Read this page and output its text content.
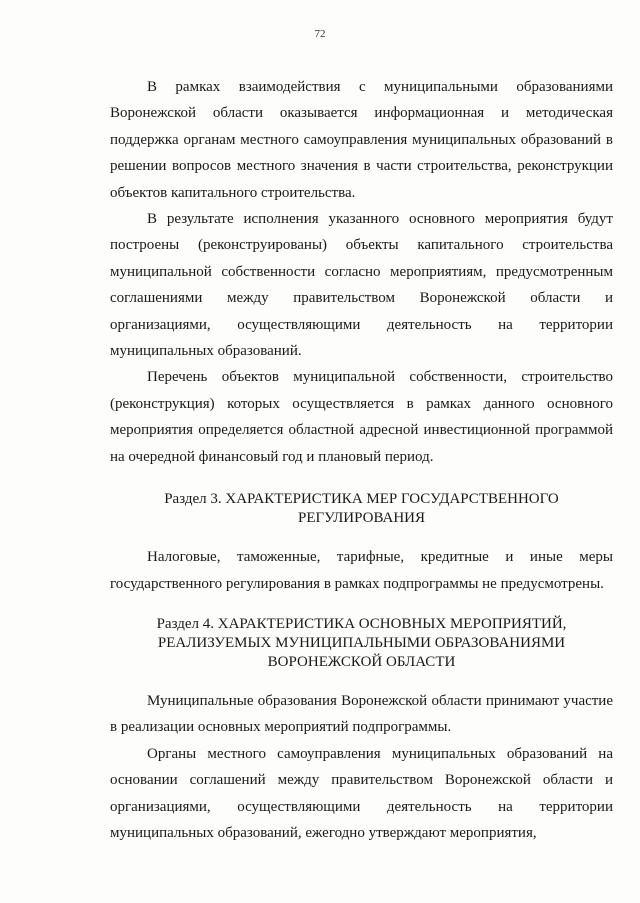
72

В рамках взаимодействия с муниципальными образованиями Воронежской области оказывается информационная и методическая поддержка органам местного самоуправления муниципальных образований в решении вопросов местного значения в части строительства, реконструкции объектов капитального строительства.

В результате исполнения указанного основного мероприятия будут построены (реконструированы) объекты капитального строительства муниципальной собственности согласно мероприятиям, предусмотренным соглашениями между правительством Воронежской области и организациями, осуществляющими деятельность на территории муниципальных образований.

Перечень объектов муниципальной собственности, строительство (реконструкция) которых осуществляется в рамках данного основного мероприятия определяется областной адресной инвестиционной программой на очередной финансовый год и плановый период.

Раздел 3. ХАРАКТЕРИСТИКА МЕР ГОСУДАРСТВЕННОГО
РЕГУЛИРОВАНИЯ

Налоговые, таможенные, тарифные, кредитные и иные меры государственного регулирования в рамках подпрограммы не предусмотрены.

Раздел 4. ХАРАКТЕРИСТИКА ОСНОВНЫХ МЕРОПРИЯТИЙ,
РЕАЛИЗУЕМЫХ МУНИЦИПАЛЬНЫМИ ОБРАЗОВАНИЯМИ
ВОРОНЕЖСКОЙ ОБЛАСТИ

Муниципальные образования Воронежской области принимают участие в реализации основных мероприятий подпрограммы.

Органы местного самоуправления муниципальных образований на основании соглашений между правительством Воронежской области и организациями, осуществляющими деятельность на территории муниципальных образований, ежегодно утверждают мероприятия,
